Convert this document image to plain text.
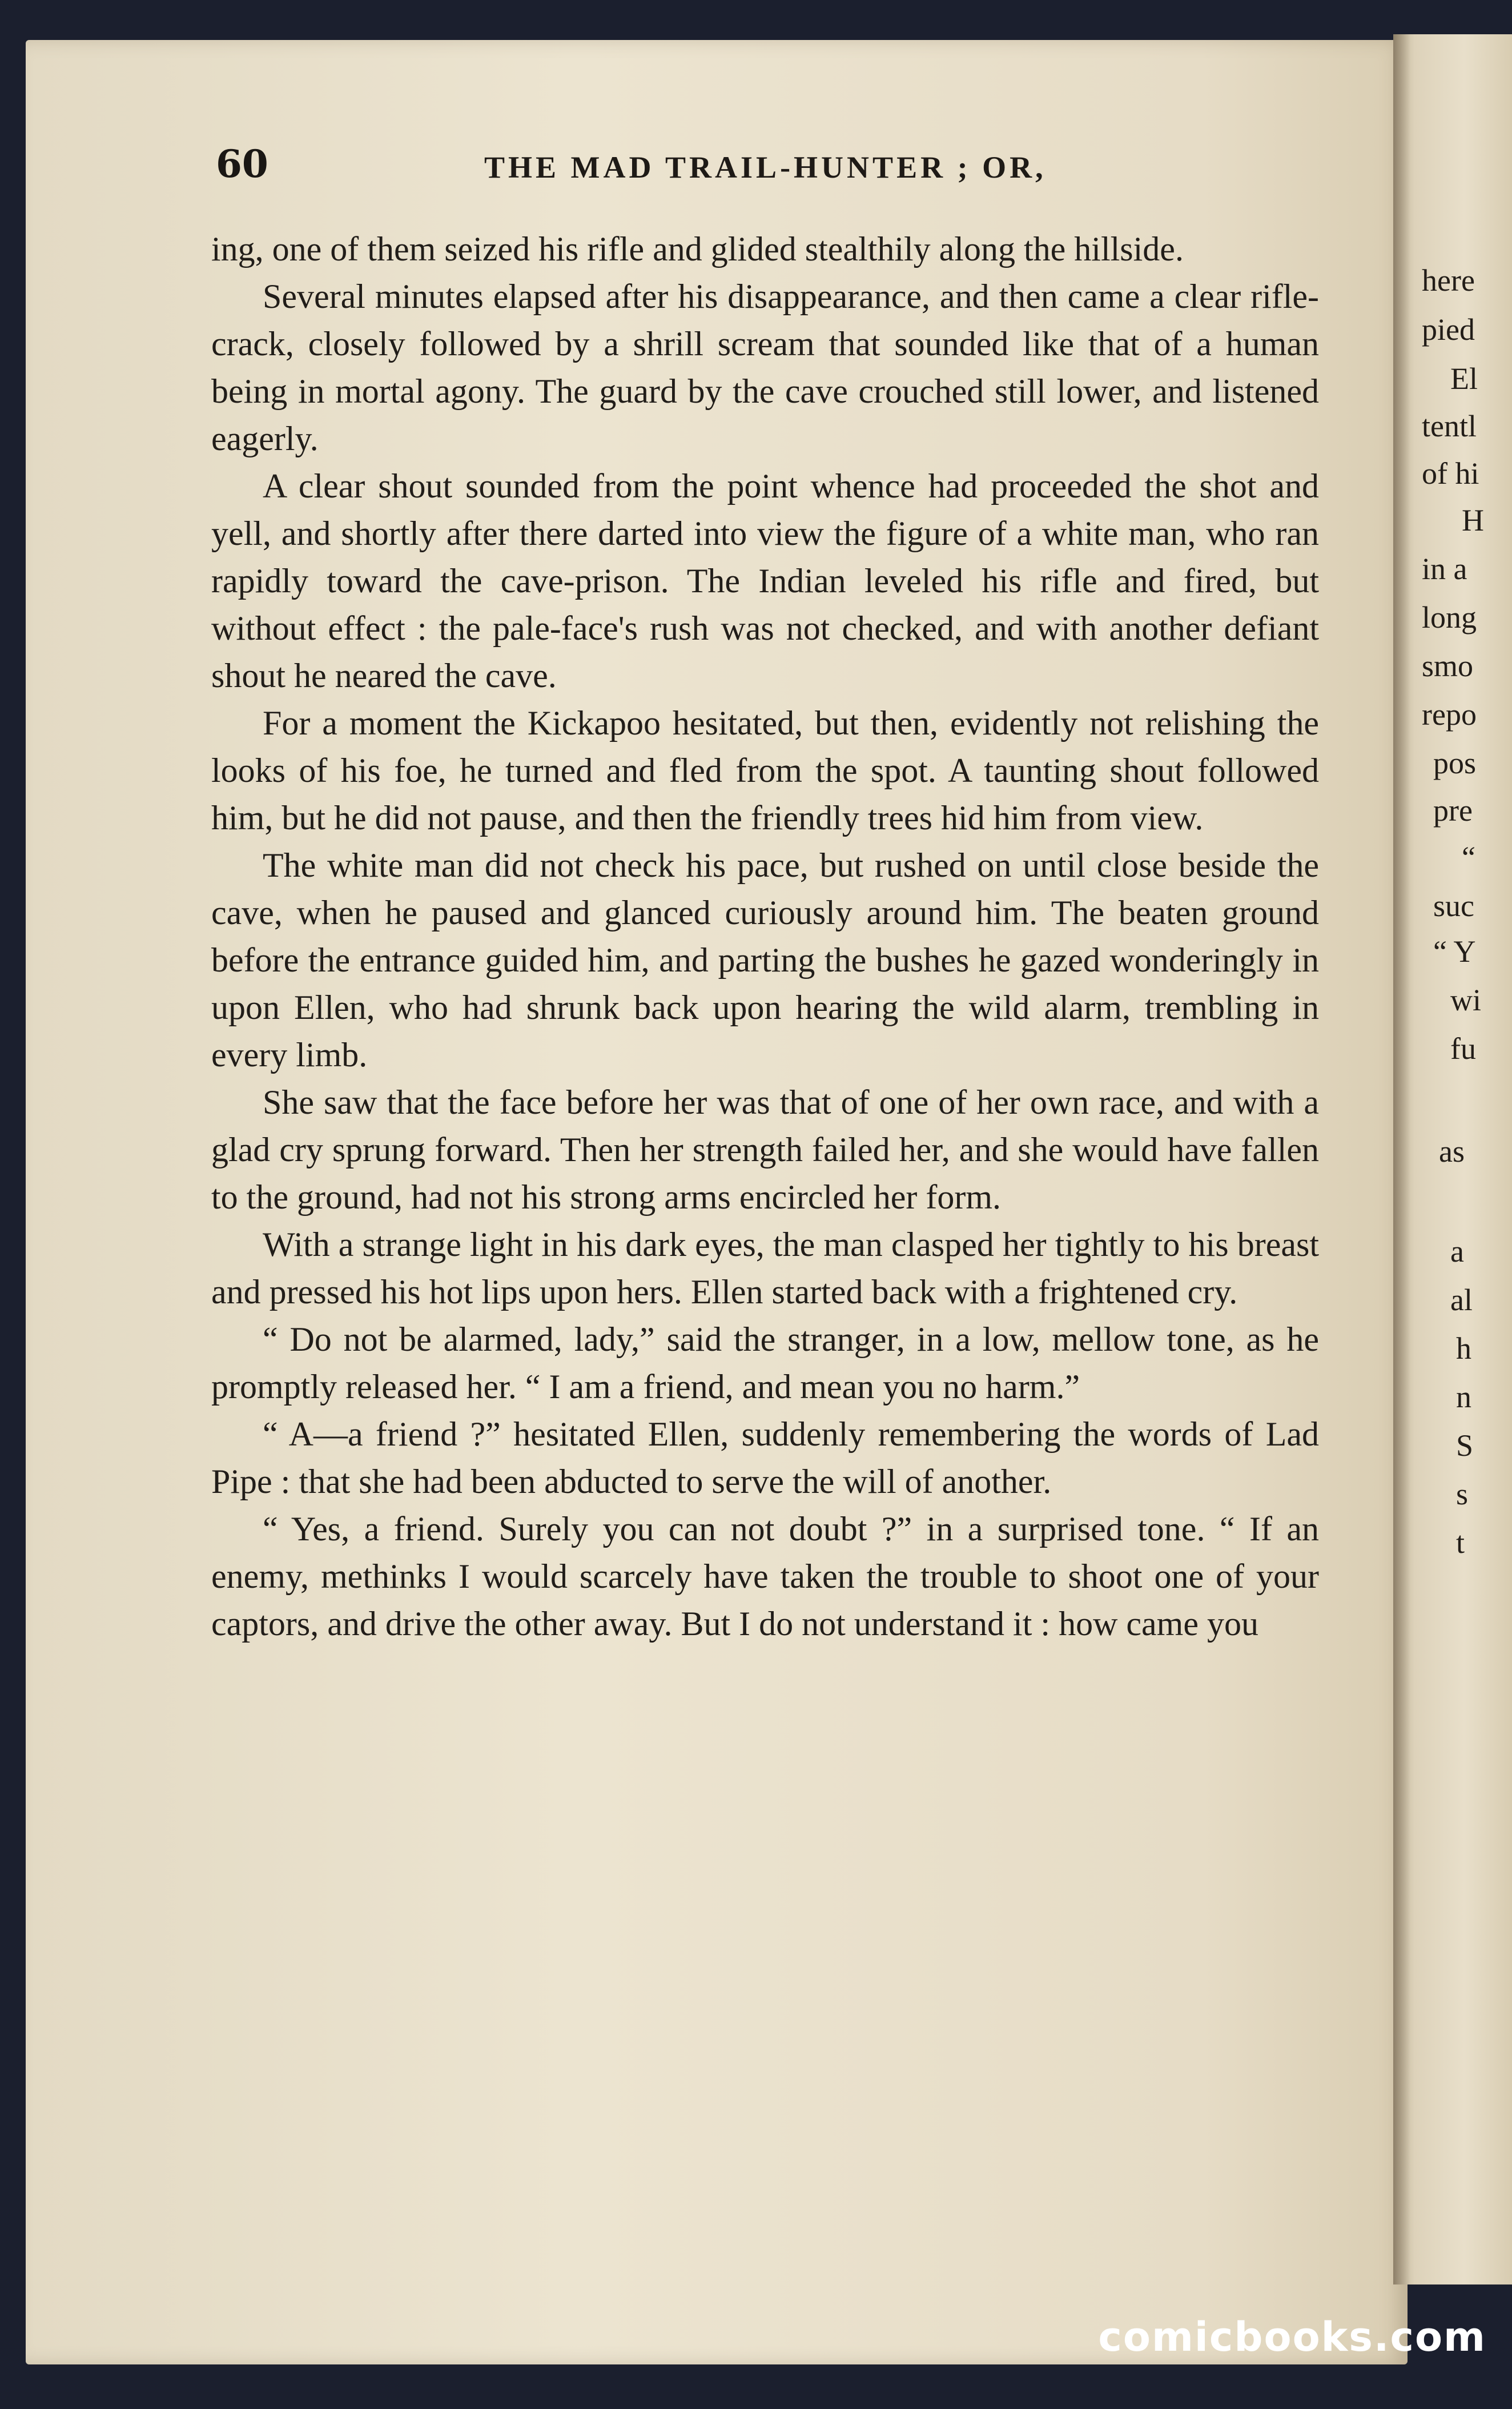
here
pied
El
tentl
of hi
H
in a
long
smo
repo
pos
pre
“
suc
“ Y
wi
fu
as
a
al
h
n
S
s
t
60	THE MAD TRAIL-HUNTER ; OR,

ing, one of them seized his rifle and glided stealthily along the hillside.

Several minutes elapsed after his disappearance, and then came a clear rifle-crack, closely followed by a shrill scream that sounded like that of a human being in mortal agony. The guard by the cave crouched still lower, and listened eagerly.

A clear shout sounded from the point whence had proceeded the shot and yell, and shortly after there darted into view the figure of a white man, who ran rapidly toward the cave-prison. The Indian leveled his rifle and fired, but without effect : the pale-face's rush was not checked, and with another defiant shout he neared the cave.

For a moment the Kickapoo hesitated, but then, evidently not relishing the looks of his foe, he turned and fled from the spot. A taunting shout followed him, but he did not pause, and then the friendly trees hid him from view.

The white man did not check his pace, but rushed on until close beside the cave, when he paused and glanced curiously around him. The beaten ground before the entrance guided him, and parting the bushes he gazed wonderingly in upon Ellen, who had shrunk back upon hearing the wild alarm, trembling in every limb.

She saw that the face before her was that of one of her own race, and with a glad cry sprung forward. Then her strength failed her, and she would have fallen to the ground, had not his strong arms encircled her form.

With a strange light in his dark eyes, the man clasped her tightly to his breast and pressed his hot lips upon hers. Ellen started back with a frightened cry.

“ Do not be alarmed, lady,” said the stranger, in a low, mellow tone, as he promptly released her. “ I am a friend, and mean you no harm.”

“ A—a friend ?” hesitated Ellen, suddenly remembering the words of Lad Pipe : that she had been abducted to serve the will of another.

“ Yes, a friend. Surely you can not doubt ?” in a surprised tone. “ If an enemy, methinks I would scarcely have taken the trouble to shoot one of your captors, and drive the other away. But I do not understand it : how came you

comicbooks.com
